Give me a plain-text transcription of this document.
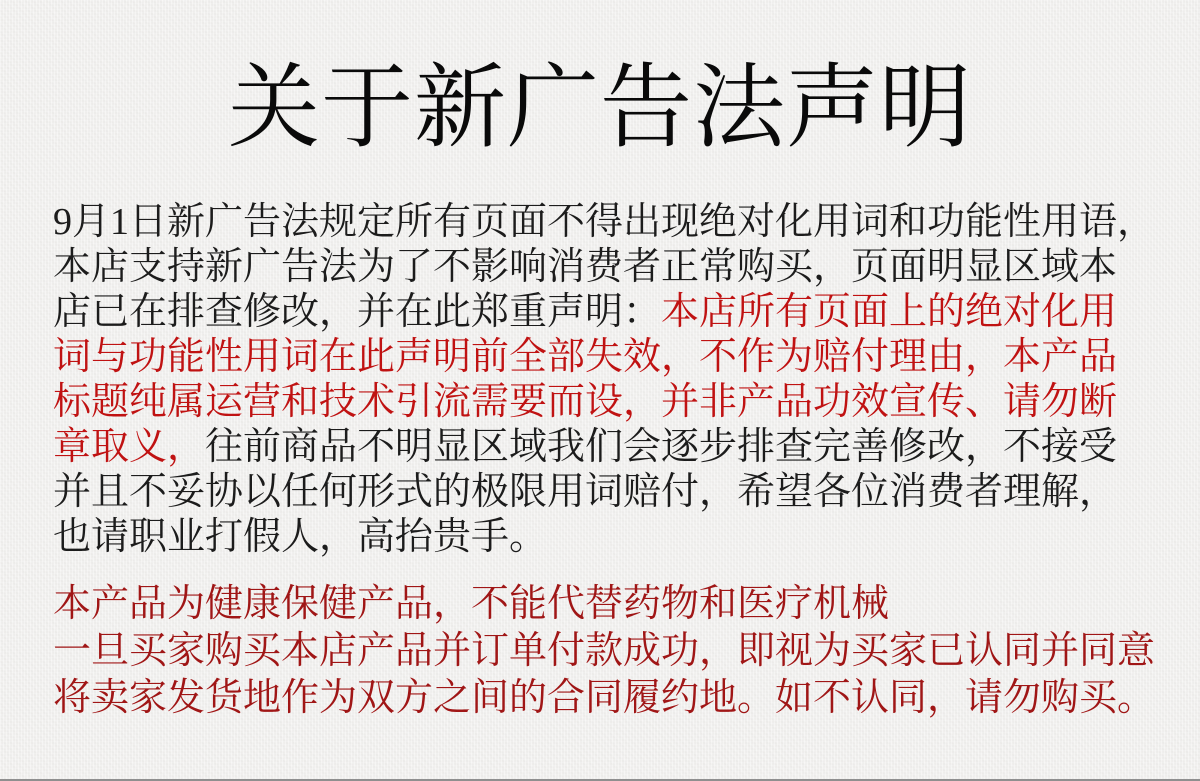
关于新广告法声明
9月1日新广告法规定所有页面不得出现绝对化用词和功能性用语，
本店支持新广告法为了不影响消费者正常购买，页面明显区域本
店已在排查修改，并在此郑重声明：本店所有页面上的绝对化用
词与功能性用词在此声明前全部失效，不作为赔付理由，本产品
标题纯属运营和技术引流需要而设，并非产品功效宣传、请勿断
章取义，往前商品不明显区域我们会逐步排查完善修改，不接受
并且不妥协以任何形式的极限用词赔付，希望各位消费者理解，
也请职业打假人，高抬贵手。
本产品为健康保健产品，不能代替药物和医疗机械
一旦买家购买本店产品并订单付款成功，即视为买家已认同并同意
将卖家发货地作为双方之间的合同履约地。如不认同，请勿购买。
